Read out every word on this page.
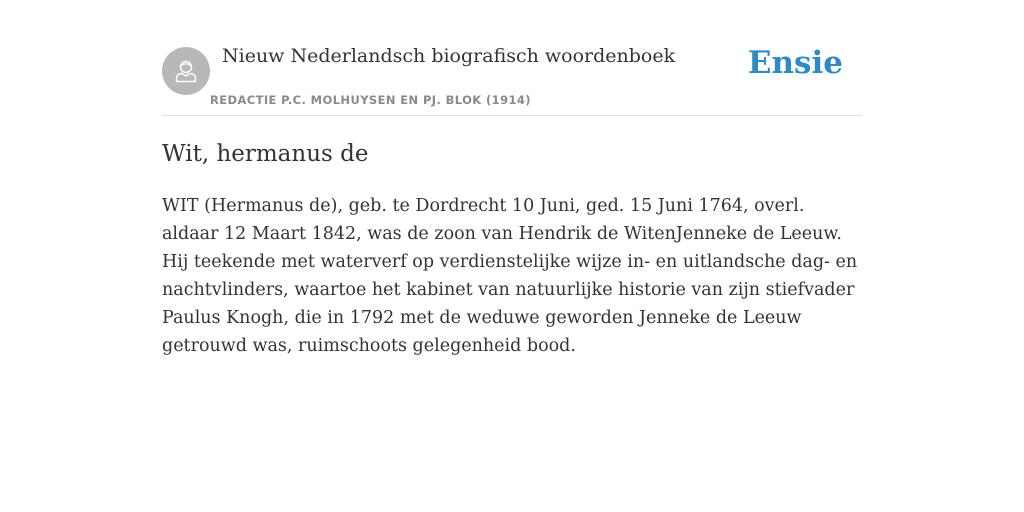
Nieuw Nederlandsch biografisch woordenboek
REDACTIE P.C. MOLHUYSEN EN PJ. BLOK (1914)
Ensie
Wit, hermanus de

WIT (Hermanus de), geb. te Dordrecht 10 Juni, ged. 15 Juni 1764, overl. aldaar 12 Maart 1842, was de zoon van Hendrik de WitenJenneke de Leeuw. Hij teekende met waterverf op verdienstelijke wijze in- en uitlandsche dag- en nachtvlinders, waartoe het kabinet van natuurlijke historie van zijn stiefvader Paulus Knogh, die in 1792 met de weduwe geworden Jenneke de Leeuw getrouwd was, ruimschoots gelegenheid bood.
